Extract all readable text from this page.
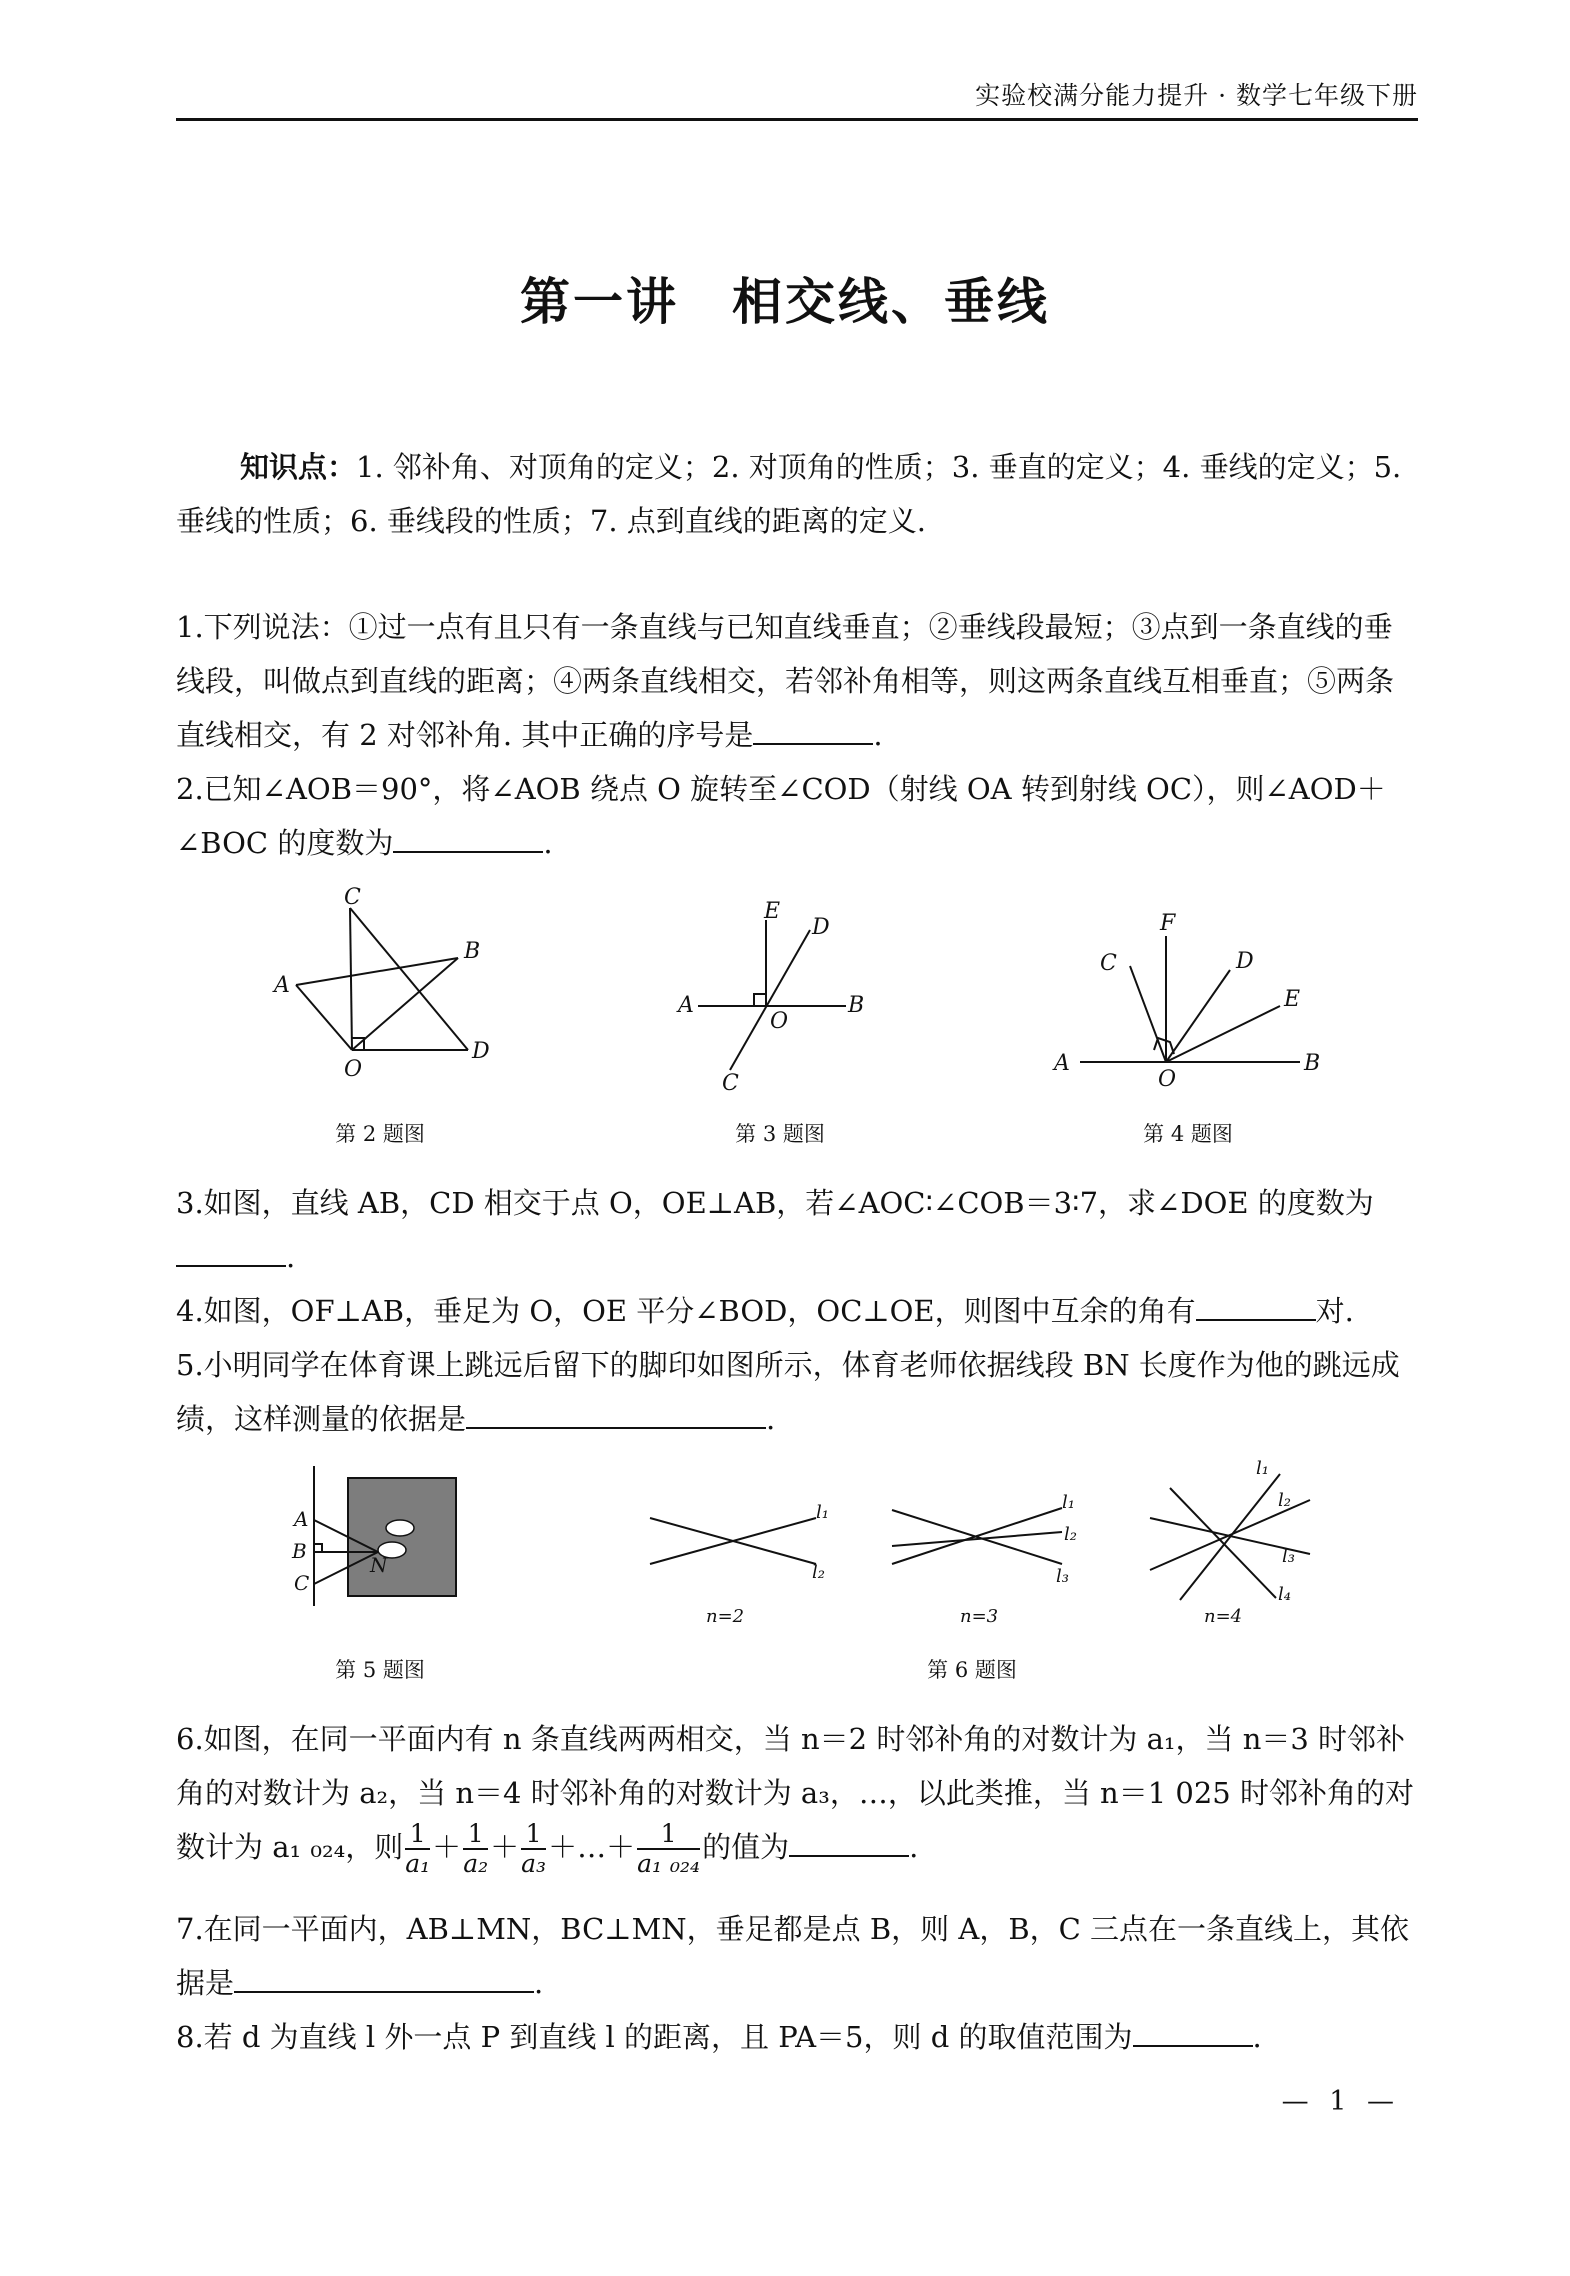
实验校满分能力提升 · 数学七年级下册
第一讲　相交线、垂线
知识点：1. 邻补角、对顶角的定义；2. 对顶角的性质；3. 垂直的定义；4. 垂线的定义；5. 垂线的性质；6. 垂线段的性质；7. 点到直线的距离的定义.
1.下列说法：①过一点有且只有一条直线与已知直线垂直；②垂线段最短；③点到一条直线的垂线段，叫做点到直线的距离；④两条直线相交，若邻补角相等，则这两条直线互相垂直；⑤两条直线相交，有 2 对邻补角. 其中正确的序号是	.
2.已知∠AOB＝90°，将∠AOB 绕点 O 旋转至∠COD（射线 OA 转到射线 OC），则∠AOD＋∠BOC 的度数为	.
C
B
A
O
D
第 2 题图
E
D
A
O
B
C
第 3 题图
F
C	D
E
A
O
B
第 4 题图
3.如图，直线 AB，CD 相交于点 O，OE⊥AB，若∠AOC∶∠COB＝3∶7，求∠DOE 的度数为.
4.如图，OF⊥AB，垂足为 O，OE 平分∠BOD，OC⊥OE，则图中互余的角有	对.
5.小明同学在体育课上跳远后留下的脚印如图所示，体育老师依据线段 BN 长度作为他的跳远成绩，这样测量的依据是	.
A
B
C
N
第 5 题图
l₁
l₂
n=2
l₁
l₂
l₃
n=3
l₁
l₂
l₃
l₄
n=4
第 6 题图
6.如图，在同一平面内有 n 条直线两两相交，当 n＝2 时邻补角的对数计为 a₁，当 n＝3 时邻补角的对数计为 a₂，当 n＝4 时邻补角的对数计为 a₃，…，以此类推，当 n＝1 025 时邻补角的对数计为 a₁ ₀₂₄，则 $\frac{1}{\text{a₁}} + \frac{1}{\text{a₂}} + \frac{1}{\text{a₃}}$ ＋…＋ $\frac{1}{\text{a₁ ₀₂₄}}$ 的值为	.
7.在同一平面内，AB⊥MN，BC⊥MN，垂足都是点 B，则 A，B，C 三点在一条直线上，其依据是	.
8.若 d 为直线 l 外一点 P 到直线 l 的距离，且 PA＝5，则 d 的取值范围为	.
— 1 —
